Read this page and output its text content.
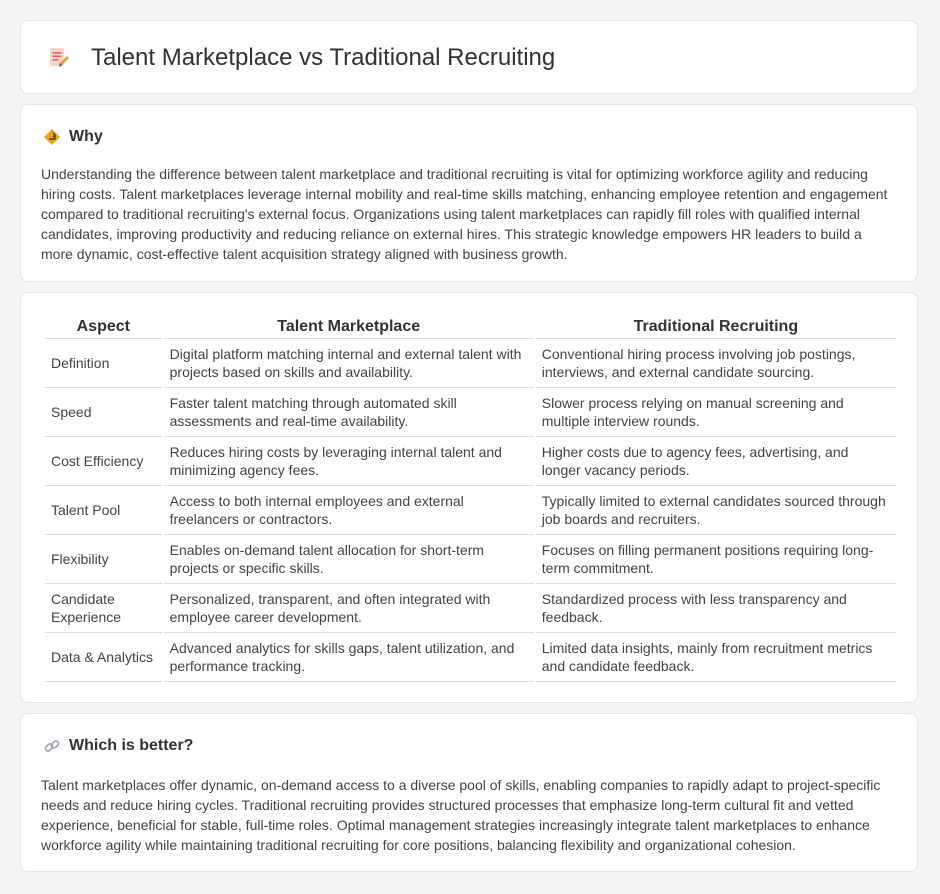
Talent Marketplace vs Traditional Recruiting
Why

Understanding the difference between talent marketplace and traditional recruiting is vital for optimizing workforce agility and reducing hiring costs. Talent marketplaces leverage internal mobility and real-time skills matching, enhancing employee retention and engagement compared to traditional recruiting's external focus. Organizations using talent marketplaces can rapidly fill roles with qualified internal candidates, improving productivity and reducing reliance on external hires. This strategic knowledge empowers HR leaders to build a more dynamic, cost-effective talent acquisition strategy aligned with business growth.

Aspect	Talent Marketplace	Traditional Recruiting
Definition	Digital platform matching internal and external talent with projects based on skills and availability.	Conventional hiring process involving job postings, interviews, and external candidate sourcing.
Speed	Faster talent matching through automated skill assessments and real-time availability.	Slower process relying on manual screening and multiple interview rounds.
Cost Efficiency	Reduces hiring costs by leveraging internal talent and minimizing agency fees.	Higher costs due to agency fees, advertising, and longer vacancy periods.
Talent Pool	Access to both internal employees and external freelancers or contractors.	Typically limited to external candidates sourced through job boards and recruiters.
Flexibility	Enables on-demand talent allocation for short-term projects or specific skills.	Focuses on filling permanent positions requiring long-term commitment.
Candidate Experience	Personalized, transparent, and often integrated with employee career development.	Standardized process with less transparency and feedback.
Data & Analytics	Advanced analytics for skills gaps, talent utilization, and performance tracking.	Limited data insights, mainly from recruitment metrics and candidate feedback.
Which is better?

Talent marketplaces offer dynamic, on-demand access to a diverse pool of skills, enabling companies to rapidly adapt to project-specific needs and reduce hiring cycles. Traditional recruiting provides structured processes that emphasize long-term cultural fit and vetted experience, beneficial for stable, full-time roles. Optimal management strategies increasingly integrate talent marketplaces to enhance workforce agility while maintaining traditional recruiting for core positions, balancing flexibility and organizational cohesion.
